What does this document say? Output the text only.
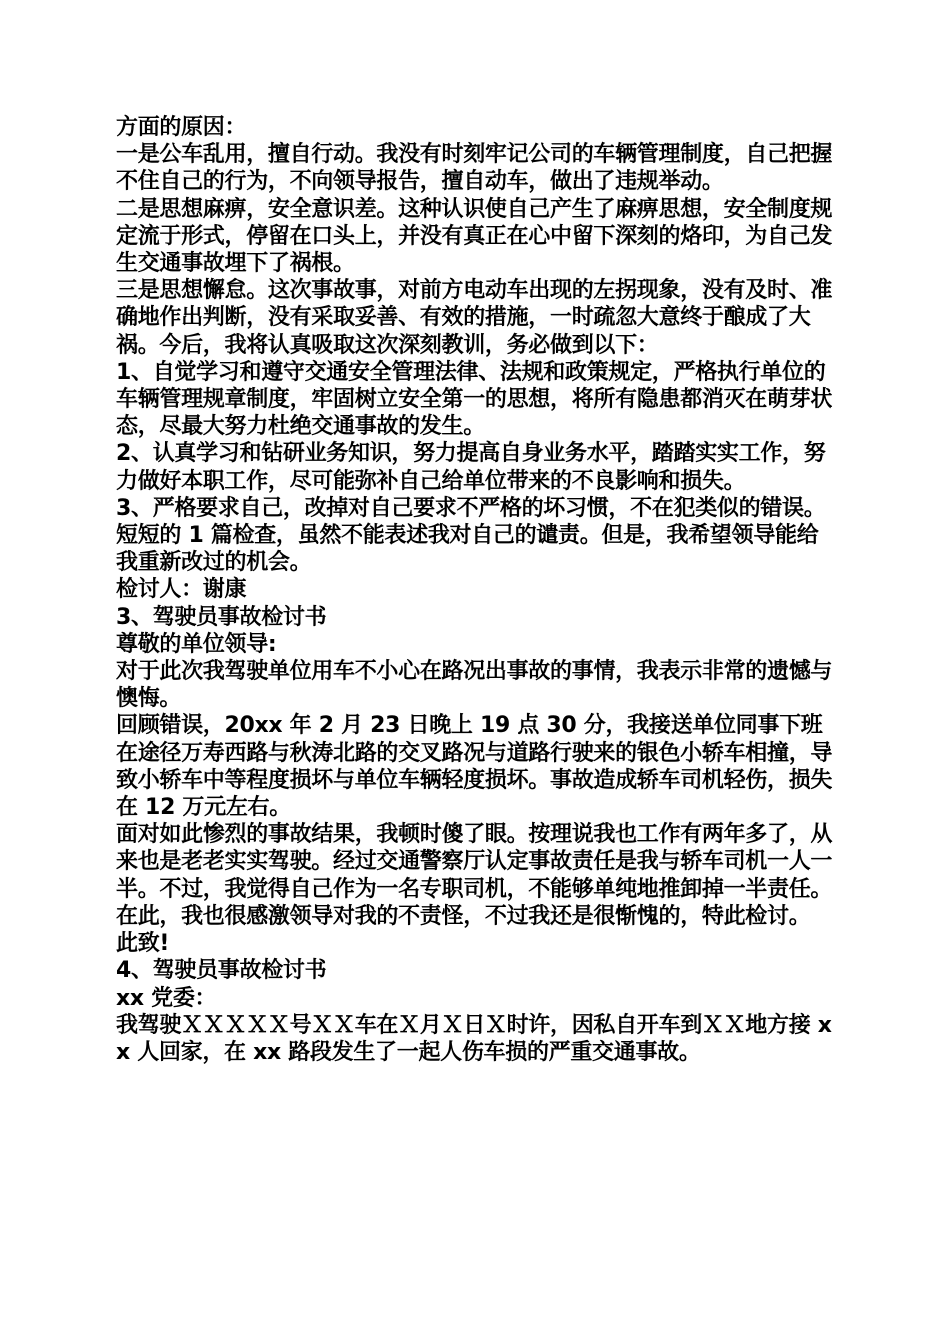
方面的原因：

一是公车乱用，擅自行动。我没有时刻牢记公司的车辆管理制度，自己把握不住自己的行为，不向领导报告，擅自动车，做出了违规举动。

二是思想麻痹，安全意识差。这种认识使自己产生了麻痹思想，安全制度规定流于形式，停留在口头上，并没有真正在心中留下深刻的烙印，为自己发生交通事故埋下了祸根。

三是思想懈怠。这次事故事，对前方电动车出现的左拐现象，没有及时、准确地作出判断，没有采取妥善、有效的措施，一时疏忽大意终于酿成了大祸。今后，我将认真吸取这次深刻教训，务必做到以下：

1、自觉学习和遵守交通安全管理法律、法规和政策规定，严格执行单位的车辆管理规章制度，牢固树立安全第一的思想，将所有隐患都消灭在萌芽状态，尽最大努力杜绝交通事故的发生。

2、认真学习和钻研业务知识，努力提高自身业务水平，踏踏实实工作，努力做好本职工作，尽可能弥补自己给单位带来的不良影响和损失。

3、严格要求自己，改掉对自己要求不严格的坏习惯，不在犯类似的错误。

短短的 1 篇检查，虽然不能表述我对自己的谴责。但是，我希望领导能给我重新改过的机会。

检讨人：谢康

3、驾驶员事故检讨书

尊敬的单位领导:

对于此次我驾驶单位用车不小心在路况出事故的事情，我表示非常的遗憾与懊悔。

回顾错误，20xx 年 2 月 23 日晚上 19 点 30 分，我接送单位同事下班在途径万寿西路与秋涛北路的交叉路况与道路行驶来的银色小轿车相撞，导致小轿车中等程度损坏与单位车辆轻度损坏。事故造成轿车司机轻伤，损失在 12 万元左右。

面对如此惨烈的事故结果，我顿时傻了眼。按理说我也工作有两年多了，从来也是老老实实驾驶。经过交通警察厅认定事故责任是我与轿车司机一人一半。不过，我觉得自己作为一名专职司机，不能够单纯地推卸掉一半责任。

在此，我也很感激领导对我的不责怪，不过我还是很惭愧的，特此检讨。

此致!

4、驾驶员事故检讨书

xx 党委：

我驾驶ＸＸＸＸＸ号ＸＸ车在Ｘ月Ｘ日Ｘ时许，因私自开车到ＸＸ地方接 xx 人回家，在 xx 路段发生了一起人伤车损的严重交通事故。
